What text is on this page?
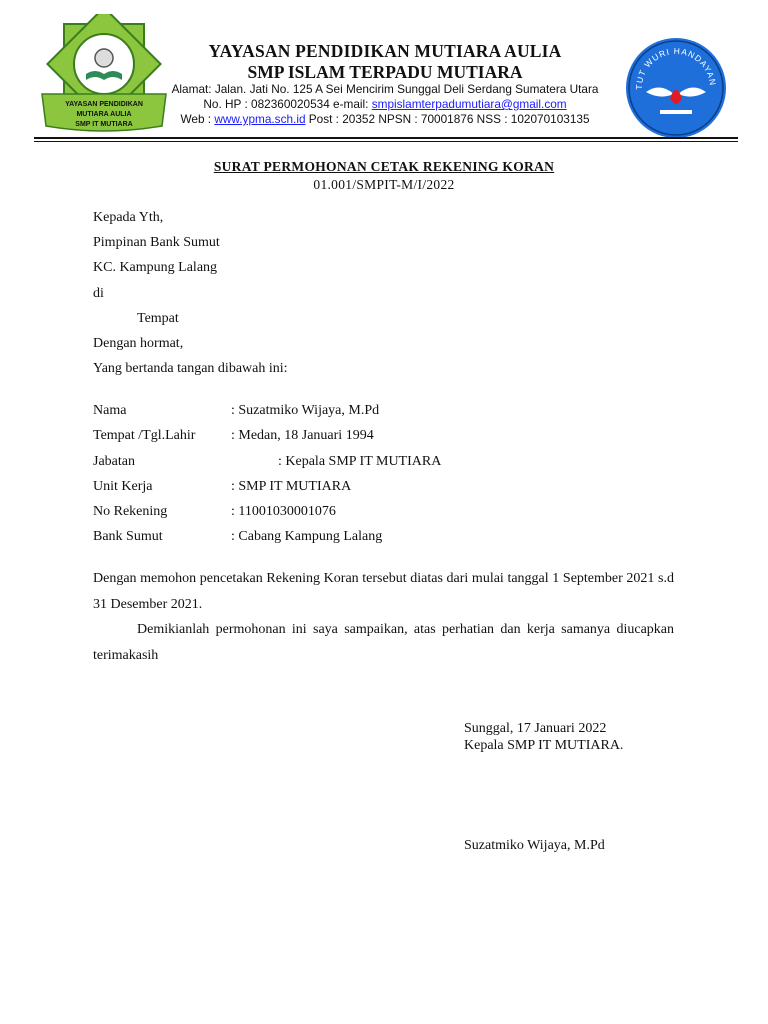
YAYASAN PENDIDIKAN
MUTIARA AULIA
SMP IT MUTIARA
TUT WURI HANDAYAN
YAYASAN PENDIDIKAN MUTIARA AULIA
SMP ISLAM TERPADU MUTIARA
Alamat: Jalan. Jati No. 125 A Sei Mencirim Sunggal Deli Serdang Sumatera Utara
No. HP : 082360020534 e-mail: smpislamterpadumutiara@gmail.com
Web : www.ypma.sch.id Post : 20352 NPSN : 70001876 NSS : 102070103135
SURAT PERMOHONAN CETAK REKENING KORAN
01.001/SMPIT-M/I/2022
Kepada Yth,
Pimpinan Bank Sumut
KC. Kampung Lalang
di
Tempat
Dengan hormat,
Yang bertanda tangan dibawah ini:
Nama	: Suzatmiko Wijaya, M.Pd
Tempat /Tgl.Lahir	: Medan, 18 Januari 1994
Jabatan	: Kepala SMP IT MUTIARA
Unit Kerja	: SMP IT MUTIARA
No Rekening	: 11001030001076
Bank Sumut	: Cabang Kampung Lalang
Dengan memohon pencetakan Rekening Koran tersebut diatas dari mulai tanggal 1 September 2021 s.d 31 Desember 2021.
Demikianlah permohonan ini saya sampaikan, atas perhatian dan kerja samanya diucapkan terimakasih
Sunggal, 17 Januari 2022
Kepala SMP IT MUTIARA.
Suzatmiko Wijaya, M.Pd
